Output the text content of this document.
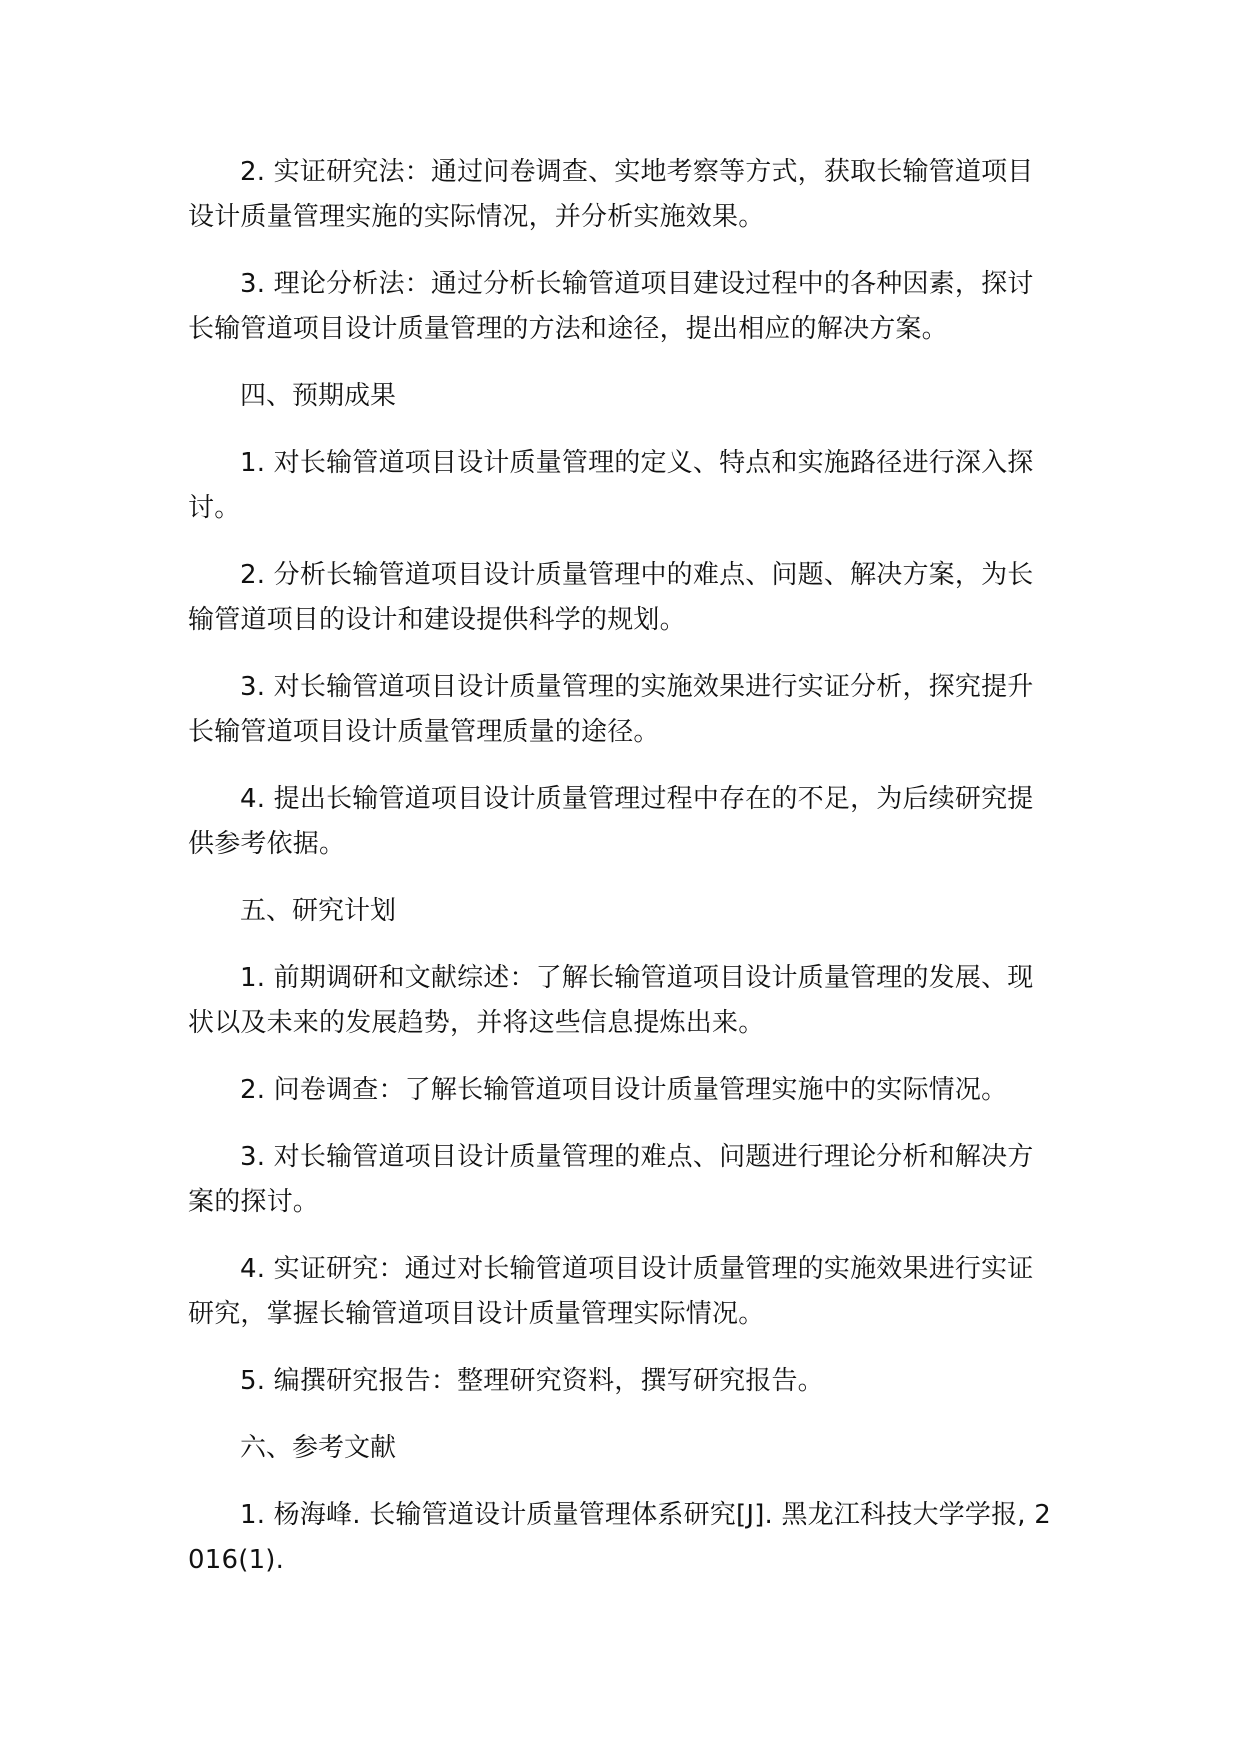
2. 实证研究法：通过问卷调查、实地考察等方式，获取长输管道项目设计质量管理实施的实际情况，并分析实施效果。

3. 理论分析法：通过分析长输管道项目建设过程中的各种因素，探讨长输管道项目设计质量管理的方法和途径，提出相应的解决方案。

四、预期成果

1. 对长输管道项目设计质量管理的定义、特点和实施路径进行深入探讨。

2. 分析长输管道项目设计质量管理中的难点、问题、解决方案，为长输管道项目的设计和建设提供科学的规划。

3. 对长输管道项目设计质量管理的实施效果进行实证分析，探究提升长输管道项目设计质量管理质量的途径。

4. 提出长输管道项目设计质量管理过程中存在的不足，为后续研究提供参考依据。

五、研究计划

1. 前期调研和文献综述：了解长输管道项目设计质量管理的发展、现状以及未来的发展趋势，并将这些信息提炼出来。

2. 问卷调查：了解长输管道项目设计质量管理实施中的实际情况。

3. 对长输管道项目设计质量管理的难点、问题进行理论分析和解决方案的探讨。

4. 实证研究：通过对长输管道项目设计质量管理的实施效果进行实证研究，掌握长输管道项目设计质量管理实际情况。

5. 编撰研究报告：整理研究资料，撰写研究报告。

六、参考文献

1. 杨海峰. 长输管道设计质量管理体系研究[J]. 黑龙江科技大学学报, 2016(1).
